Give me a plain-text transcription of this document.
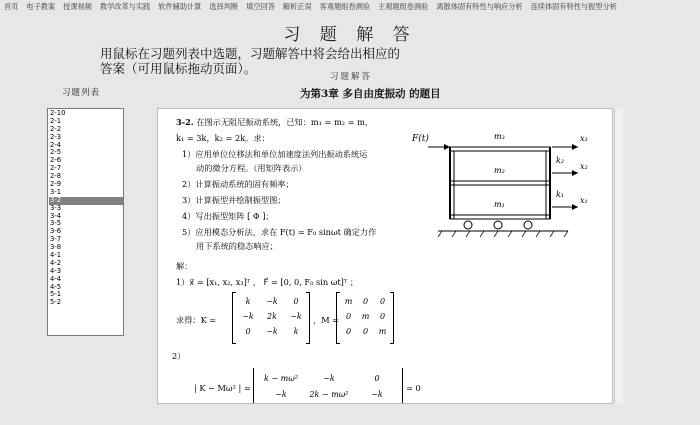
首页	电子教案	授课视频	教学改革与实践	软件辅助计算	选择判断	填空回答	解析正误	客观题组卷测验	主观题组卷测验	离散体固有特性与响应分析	连续体固有特性与振型分析
习 题 解 答
用鼠标在习题列表中选题，习题解答中将会给出相应的
答案（可用鼠标拖动页面）。
习题解答
为第3章 多自由度振动 的题目
习题列表
2-10
2-1
2-2
2-3
2-4
2-5
2-6
2-7
2-8
2-9
3-1
3-2
3-3
3-4
3-5
3-6
3-7
3-8
4-1
4-2
4-3
4-4
4-5
5-1
5-2
3-2. 在图示无阻尼振动系统，已知：m₁ = m₂ = m，
k₁ = 3k，k₂ = 2k。求：
1）应用单位位移法和单位加速度法列出振动系统运
动的微分方程。（用矩阵表示）
2）计算振动系统的固有频率；
3）计算振型并绘制振型图；
4）写出振型矩阵 [ Φ ]；
5）应用模态分析法，求在 F(t) = F₀ sinωt 确定力作
用下系统的稳态响应；
解：
1）x⃗ = [x₁, x₂, x₃]ᵀ ， F⃗ = [0, 0, F₀ sin ωt]ᵀ ；
求得：K =
k	−k	0
−k	2k	−k
0	−k	k
，M =
m	0	0
0	m	0
0	0	m
2）
| K − Mω² | =
k − mω²	−k	0
−k	2k − mω²	−k
= 0
F(t)	m₃
m₂
m₁
k₂
k₁
x₃
x₂
x₁
